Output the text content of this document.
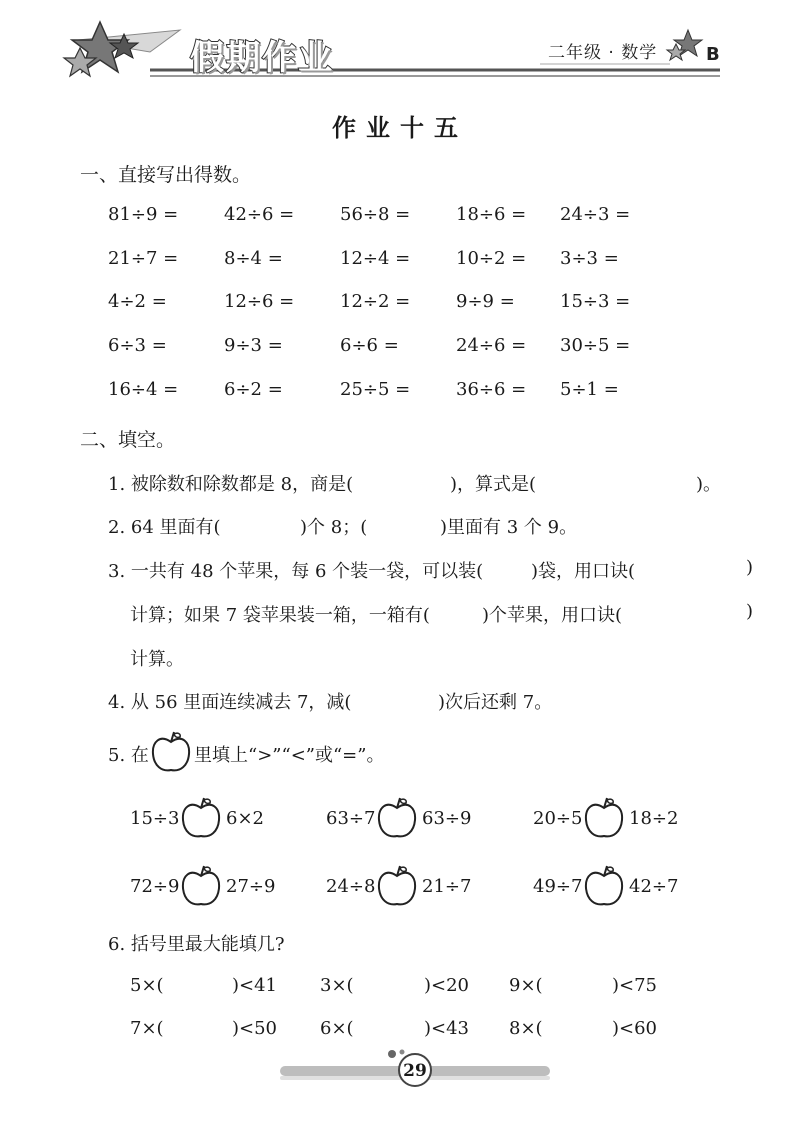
假期作业	二年级 · 数学	B
作业十五
一、直接写出得数。
81÷9 =	42÷6 =	56÷8 =	18÷6 = 24÷3 =
21÷7 =	8÷4 =	12÷4 =	10÷2 = 3÷3 =
4÷2 =	12÷6 =	12÷2 =	9÷9 =	15÷3 =
6÷3 =	9÷3 =	6÷6 =	24÷6 = 30÷5 =
16÷4 =	6÷2 =	25÷5 =	36÷6 = 5÷1 =
二、填空。
1. 被除数和除数都是 8，商是(	)，算式是(	)。
2. 64 里面有(	)个 8；(	)里面有 3 个 9。
3. 一共有 48 个苹果，每 6 个装一袋，可以装(	)袋，用口诀(	)
计算；如果 7 袋苹果装一箱，一箱有(	)个苹果，用口诀(	)
计算。
4. 从 56 里面连续减去 7，减(	)次后还剩 7。
5. 在	里填上“>”“<”或“=”。
15÷3	6×2	63÷7	63÷9	20÷5	18÷2
72÷9	27÷9	24÷8	21÷7	49÷7	42÷7
6. 括号里最大能填几?
5×(	)<41 3×(	)<20 9×(	)<75
7×(	)<50 6×(	)<43 8×(	)<60
29
